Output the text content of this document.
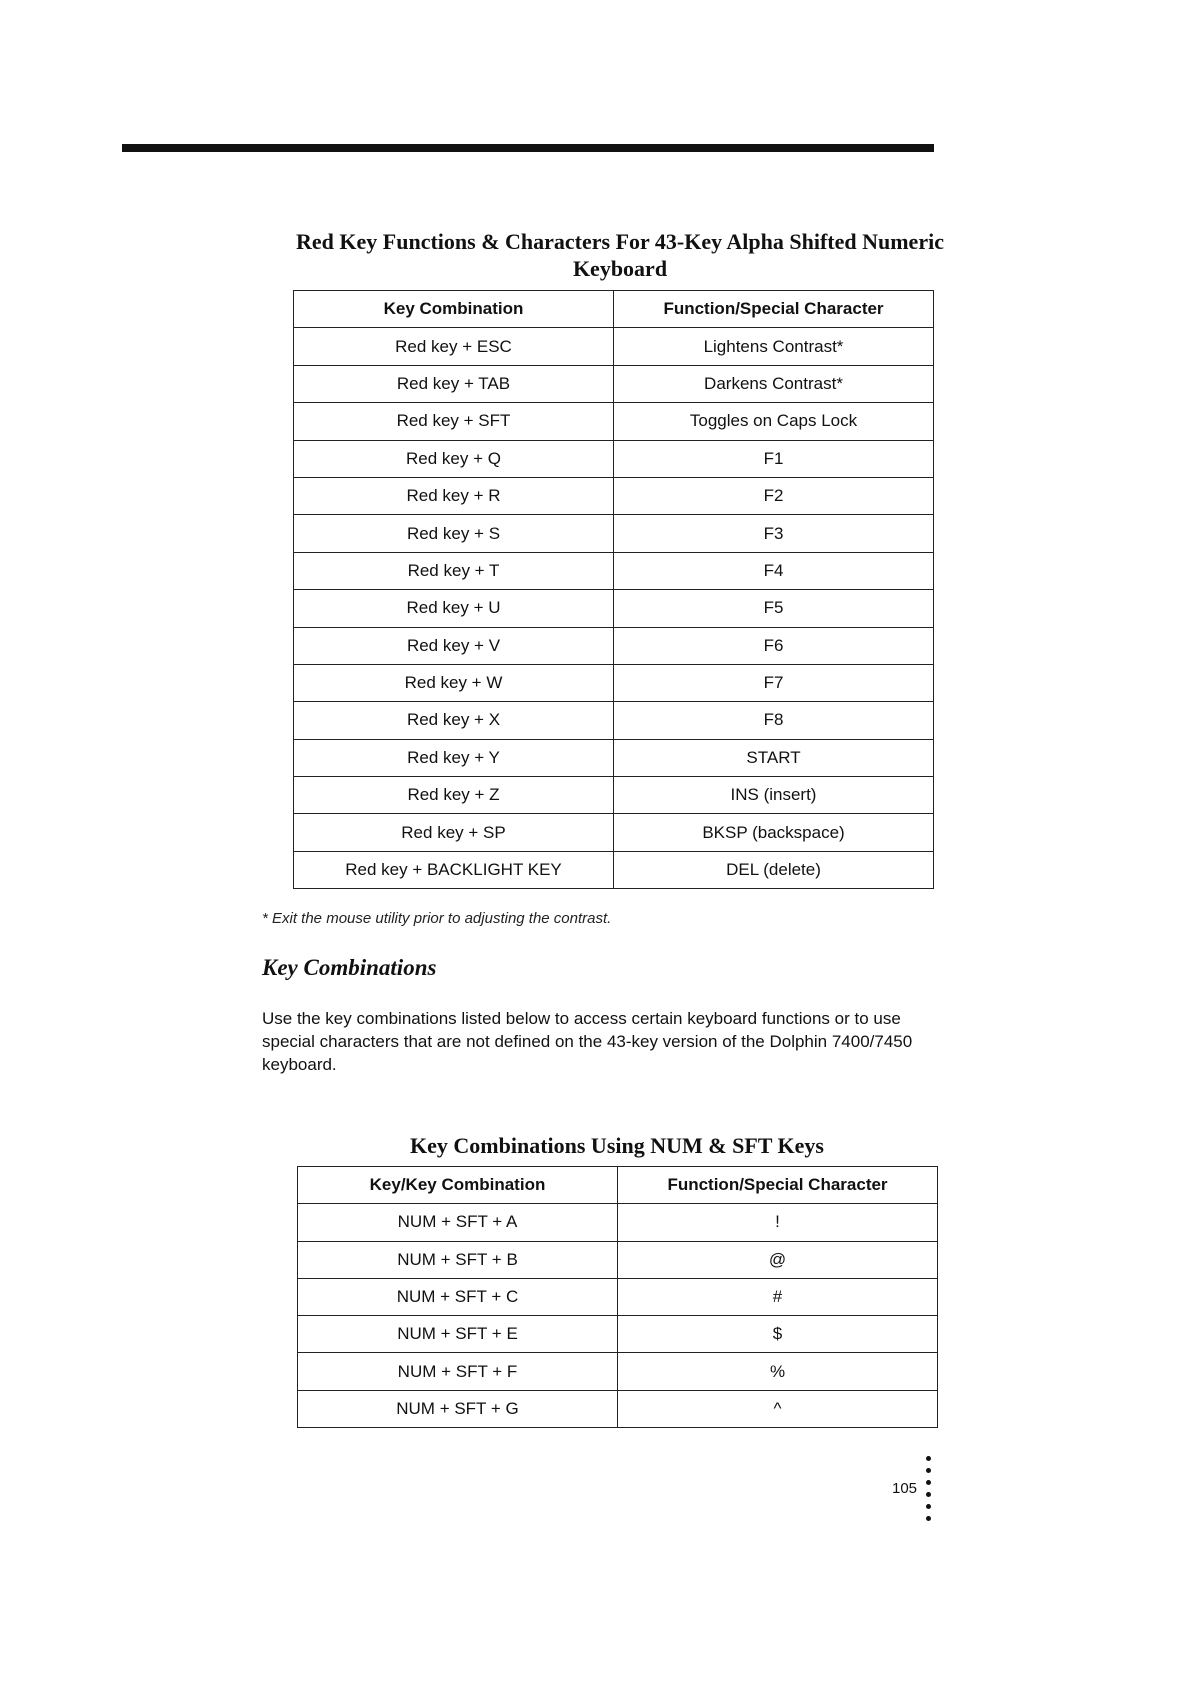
Red Key Functions & Characters For 43-Key Alpha Shifted Numeric Keyboard
Key Combination	Function/Special Character
Red key + ESC	Lightens Contrast*
Red key + TAB	Darkens Contrast*
Red key + SFT	Toggles on Caps Lock
Red key + Q	F1
Red key + R	F2
Red key + S	F3
Red key + T	F4
Red key + U	F5
Red key + V	F6
Red key + W	F7
Red key + X	F8
Red key + Y	START
Red key + Z	INS (insert)
Red key + SP	BKSP (backspace)
Red key + BACKLIGHT KEY	DEL (delete)
* Exit the mouse utility prior to adjusting the contrast.
Key Combinations
Use the key combinations listed below to access certain keyboard functions or to use special characters that are not defined on the 43-key version of the Dolphin 7400/7450 keyboard.
Key Combinations Using NUM & SFT Keys
Key/Key Combination	Function/Special Character
NUM + SFT + A	!
NUM + SFT + B	@
NUM + SFT + C	#
NUM + SFT + E	$
NUM + SFT + F	%
NUM + SFT + G	^
105
